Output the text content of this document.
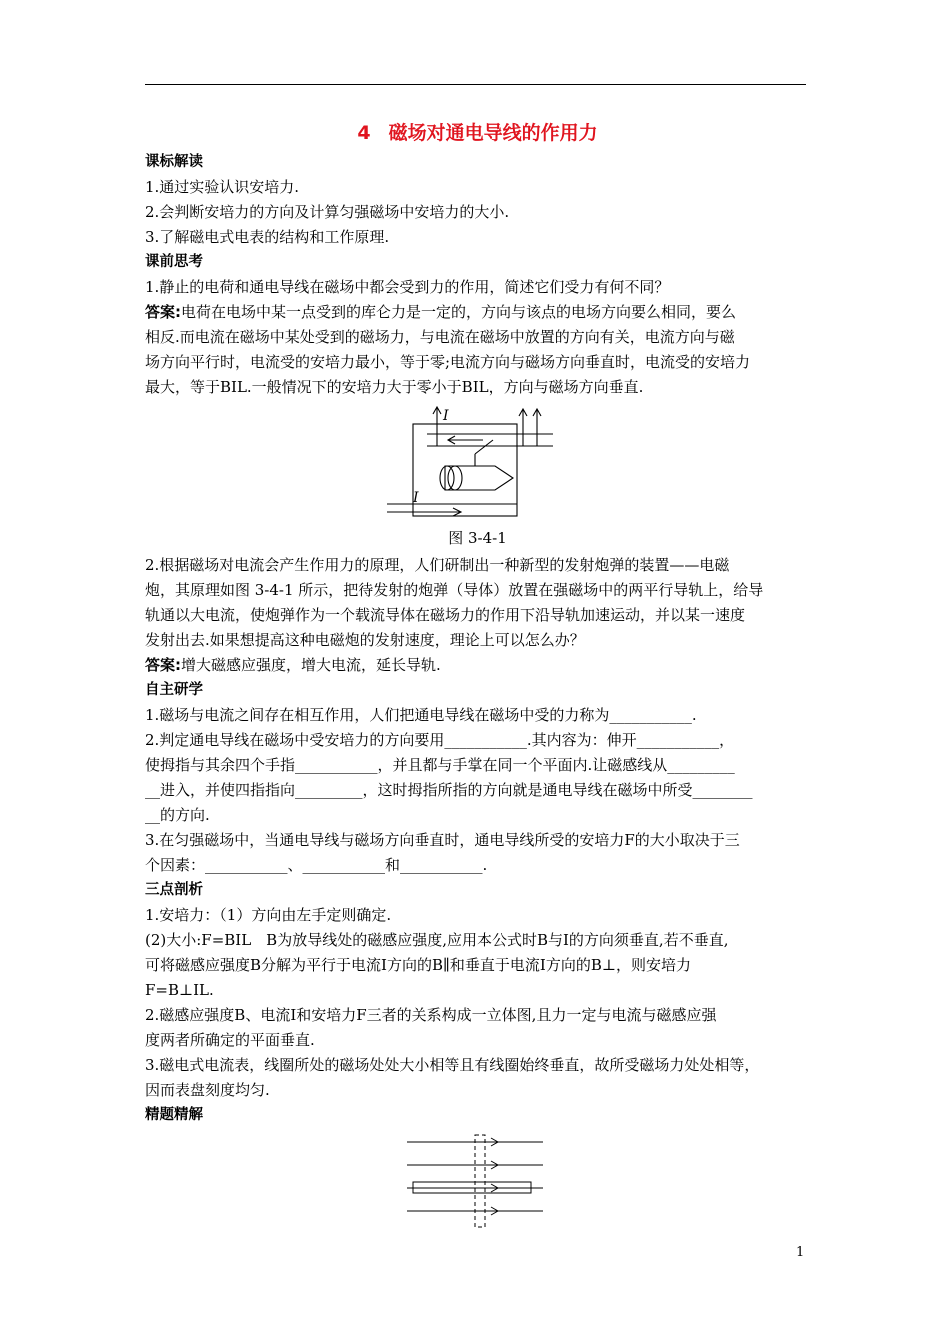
4 磁场对通电导线的作用力
课标解读

1.通过实验认识安培力.

2.会判断安培力的方向及计算匀强磁场中安培力的大小.

3.了解磁电式电表的结构和工作原理.

课前思考

1.静止的电荷和通电导线在磁场中都会受到力的作用，简述它们受力有何不同？

答案:电荷在电场中某一点受到的库仑力是一定的，方向与该点的电场方向要么相同，要么

相反.而电流在磁场中某处受到的磁场力，与电流在磁场中放置的方向有关，电流方向与磁

场方向平行时，电流受的安培力最小，等于零;电流方向与磁场方向垂直时，电流受的安培力

最大，等于BIL.一般情况下的安培力大于零小于BIL，方向与磁场方向垂直.

I
I
图 3-4-1

2.根据磁场对电流会产生作用力的原理，人们研制出一种新型的发射炮弹的装置——电磁

炮，其原理如图 3-4-1 所示，把待发射的炮弹（导体）放置在强磁场中的两平行导轨上，给导

轨通以大电流，使炮弹作为一个载流导体在磁场力的作用下沿导轨加速运动，并以某一速度

发射出去.如果想提高这种电磁炮的发射速度，理论上可以怎么办？

答案:增大磁感应强度，增大电流，延长导轨.

自主研学

1.磁场与电流之间存在相互作用，人们把通电导线在磁场中受的力称为___________.

2.判定通电导线在磁场中受安培力的方向要用___________.其内容为：伸开___________，

使拇指与其余四个手指___________，并且都与手掌在同一个平面内.让磁感线从_________

__进入，并使四指指向_________，这时拇指所指的方向就是通电导线在磁场中所受________

__的方向.

3.在匀强磁场中，当通电导线与磁场方向垂直时，通电导线所受的安培力F的大小取决于三

个因素：___________、___________和___________.

三点剖析

1.安培力：（1）方向由左手定则确定.

(2)大小:F=BIL　B为放导线处的磁感应强度,应用本公式时B与I的方向须垂直,若不垂直,

可将磁感应强度B分解为平行于电流I方向的B∥和垂直于电流I方向的B⊥，则安培力

F=B⊥IL.

2.磁感应强度B、电流I和安培力F三者的关系构成一立体图,且力一定与电流与磁感应强

度两者所确定的平面垂直.

3.磁电式电流表，线圈所处的磁场处处大小相等且有线圈始终垂直，故所受磁场力处处相等，

因而表盘刻度均匀.

精题精解
1
